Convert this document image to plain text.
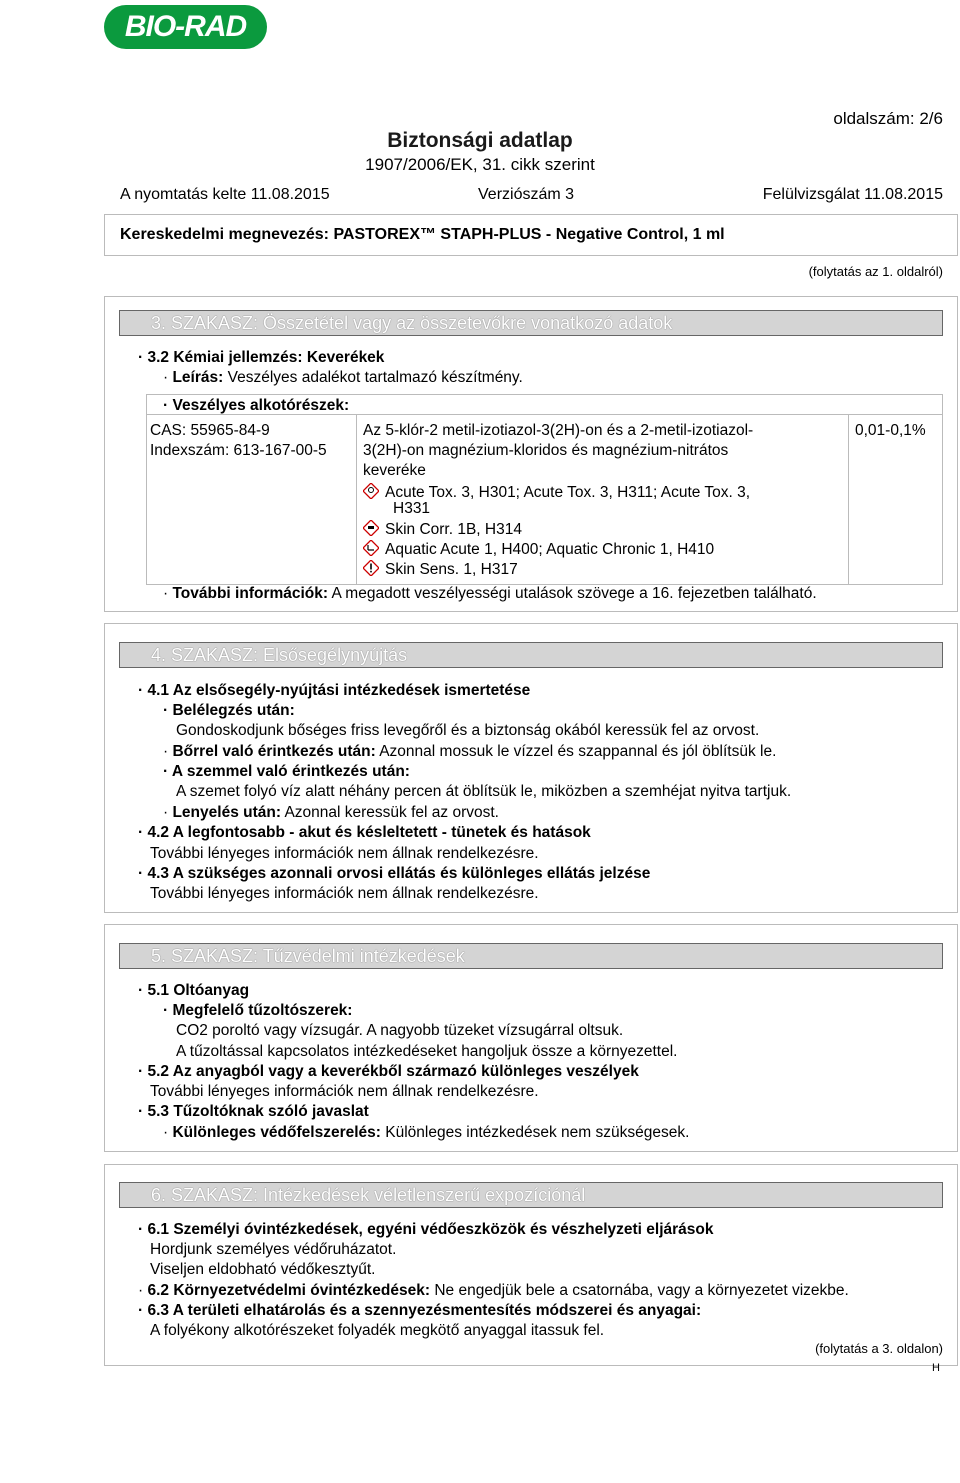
BIO-RAD
oldalszám: 2/6
Biztonsági adatlap
1907/2006/EK, 31. cikk szerint
A nyomtatás kelte 11.08.2015	Verziószám 3	Felülvizsgálat 11.08.2015
Kereskedelmi megnevezés: PASTOREX™ STAPH-PLUS - Negative Control, 1 ml
(folytatás az 1. oldalról)
3. SZAKASZ: Összetétel vagy az összetevőkre vonatkozó adatok
· 3.2 Kémiai jellemzés: Keverékek
· Leírás: Veszélyes adalékot tartalmazó készítmény.
· Veszélyes alkotórészek:
CAS: 55965-84-9
Indexszám: 613-167-00-5
Az 5-klór-2 metil-izotiazol-3(2H)-on és a 2-metil-izotiazol-
3(2H)-on magnézium-kloridos és magnézium-nitrátos
keveréke
0,01-0,1%
Acute Tox. 3, H301; Acute Tox. 3, H311; Acute Tox. 3,
H331
Skin Corr. 1B, H314
Aquatic Acute 1, H400; Aquatic Chronic 1, H410
Skin Sens. 1, H317
· További információk: A megadott veszélyességi utalások szövege a 16. fejezetben található.
4. SZAKASZ: Elsősegélynyújtás
· 4.1 Az elsősegély-nyújtási intézkedések ismertetése
· Belélegzés után:
Gondoskodjunk bőséges friss levegőről és a biztonság okából keressük fel az orvost.
· Bőrrel való érintkezés után: Azonnal mossuk le vízzel és szappannal és jól öblítsük le.
· A szemmel való érintkezés után:
A szemet folyó víz alatt néhány percen át öblítsük le, miközben a szemhéjat nyitva tartjuk.
· Lenyelés után: Azonnal keressük fel az orvost.
· 4.2 A legfontosabb - akut és késleltetett - tünetek és hatások
További lényeges információk nem állnak rendelkezésre.
· 4.3 A szükséges azonnali orvosi ellátás és különleges ellátás jelzése
További lényeges információk nem állnak rendelkezésre.
5. SZAKASZ: Tűzvédelmi intézkedések
· 5.1 Oltóanyag
· Megfelelő tűzoltószerek:
CO2 poroltó vagy vízsugár. A nagyobb tüzeket vízsugárral oltsuk.
A tűzoltással kapcsolatos intézkedéseket hangoljuk össze a környezettel.
· 5.2 Az anyagból vagy a keverékből származó különleges veszélyek
További lényeges információk nem állnak rendelkezésre.
· 5.3 Tűzoltóknak szóló javaslat
· Különleges védőfelszerelés: Különleges intézkedések nem szükségesek.
6. SZAKASZ: Intézkedések véletlenszerű expozíciónál
· 6.1 Személyi óvintézkedések, egyéni védőeszközök és vészhelyzeti eljárások
Hordjunk személyes védőruházatot.
Viseljen eldobható védőkesztyűt.
· 6.2 Környezetvédelmi óvintézkedések: Ne engedjük bele a csatornába, vagy a környezetet vizekbe.
· 6.3 A területi elhatárolás és a szennyezésmentesítés módszerei és anyagai:
A folyékony alkotórészeket folyadék megkötő anyaggal itassuk fel.
(folytatás a 3. oldalon)
H
